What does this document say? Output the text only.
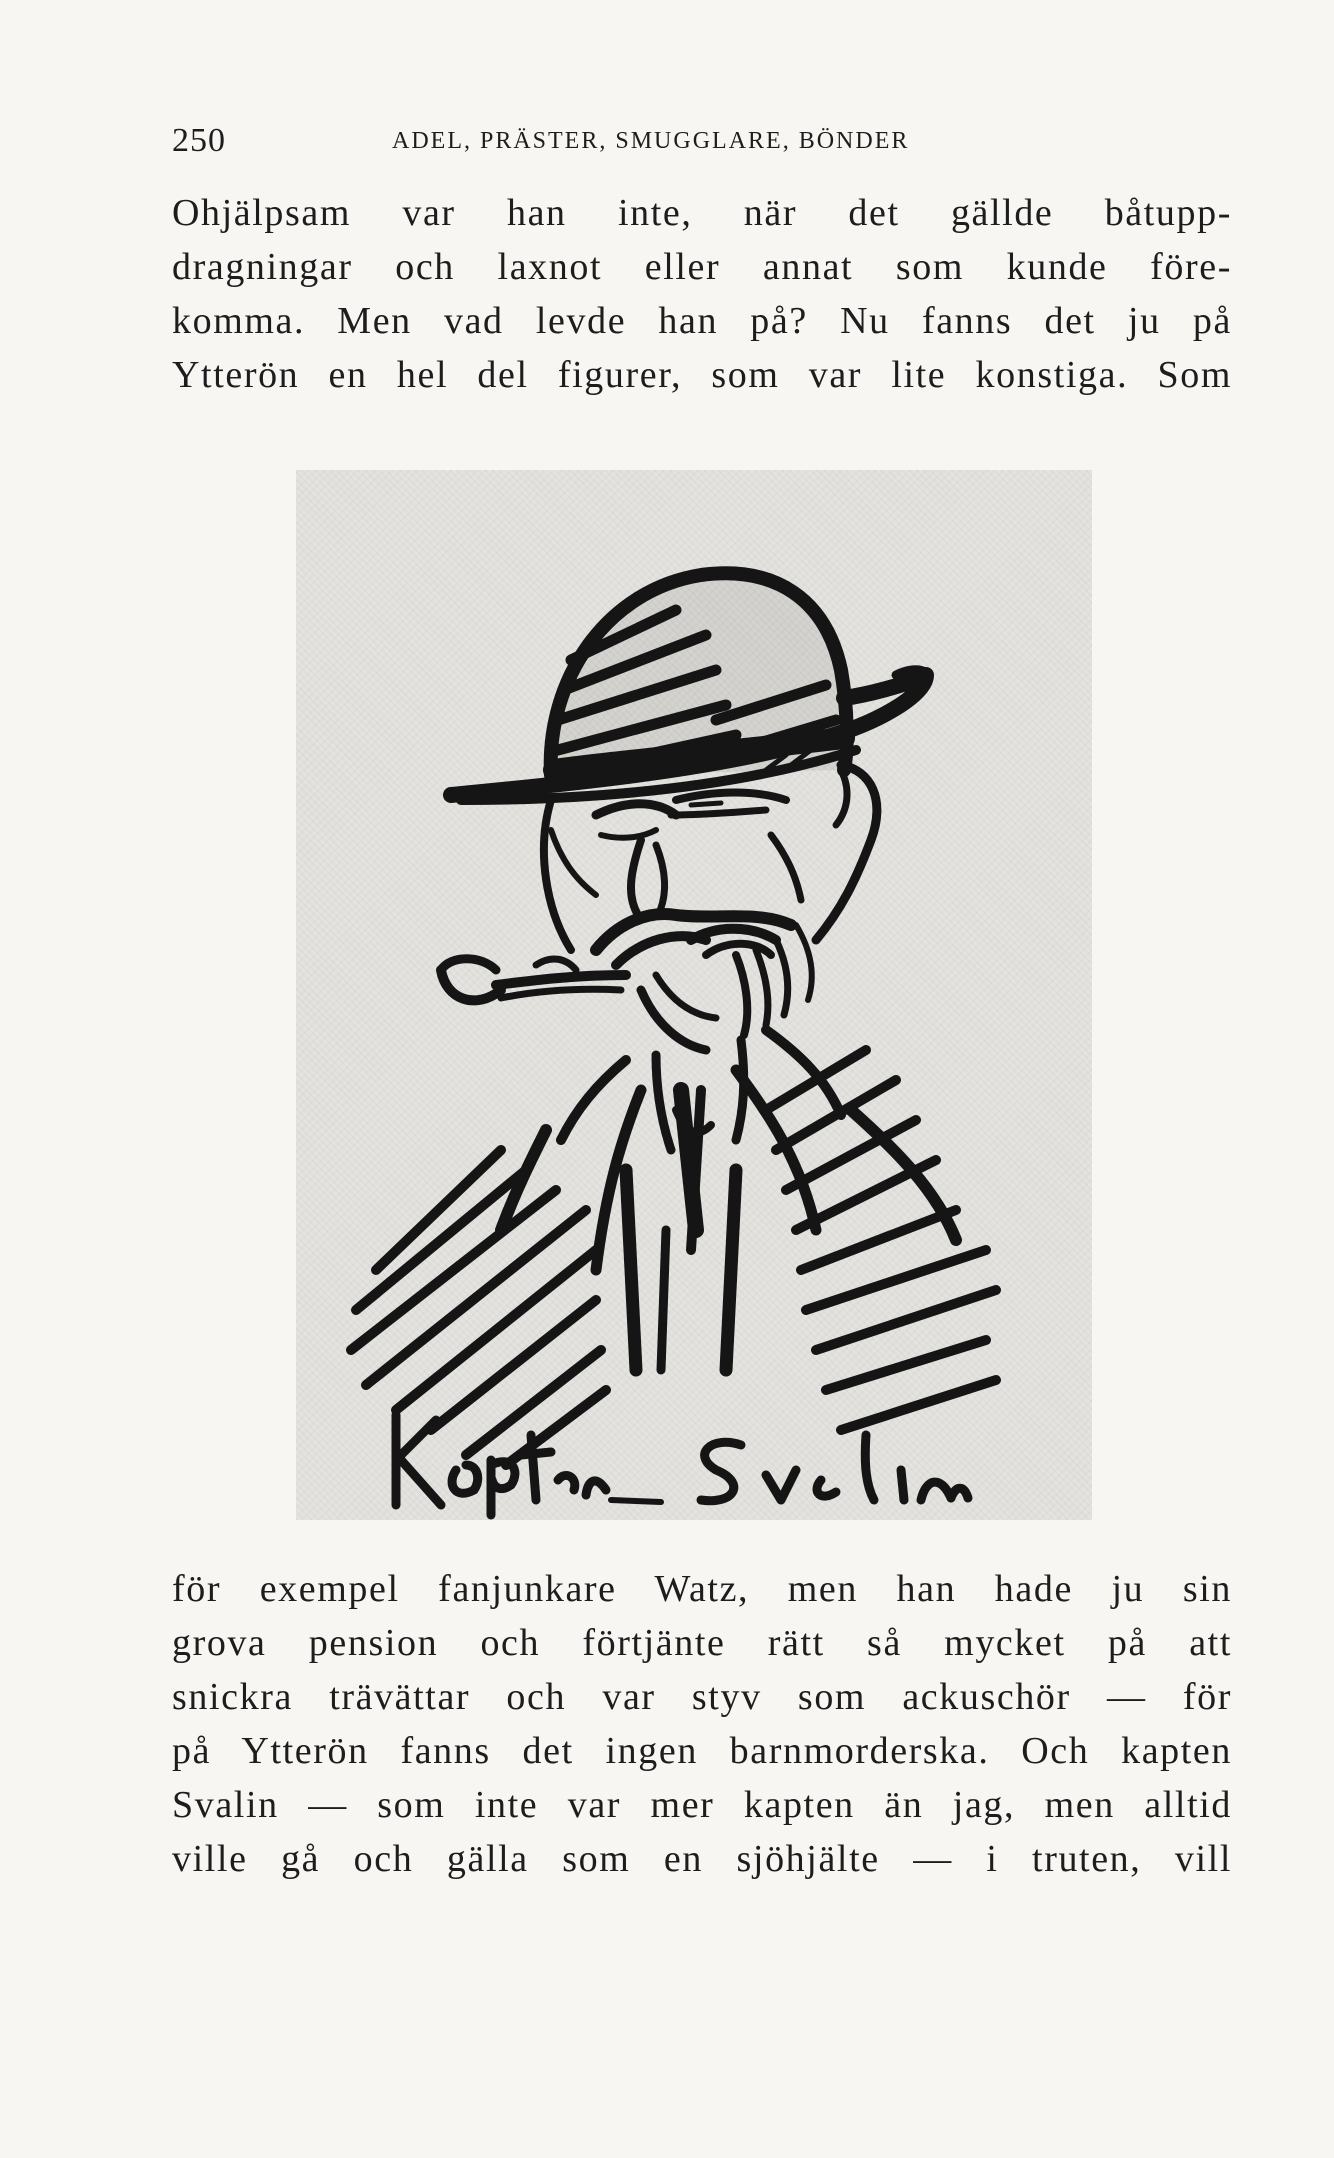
250	ADEL, PRÄSTER, SMUGGLARE, BÖNDER
Ohjälpsam var han inte, när det gällde båtupp-
dragningar och laxnot eller annat som kunde före-
komma. Men vad levde han på? Nu fanns det ju på
Ytterön en hel del figurer, som var lite konstiga. Som
för exempel fanjunkare Watz, men han hade ju sin
grova pension och förtjänte rätt så mycket på att
snickra trävättar och var styv som ackuschör — för
på Ytterön fanns det ingen barnmorderska. Och kapten
Svalin — som inte var mer kapten än jag, men alltid
ville gå och gälla som en sjöhjälte — i truten, vill
